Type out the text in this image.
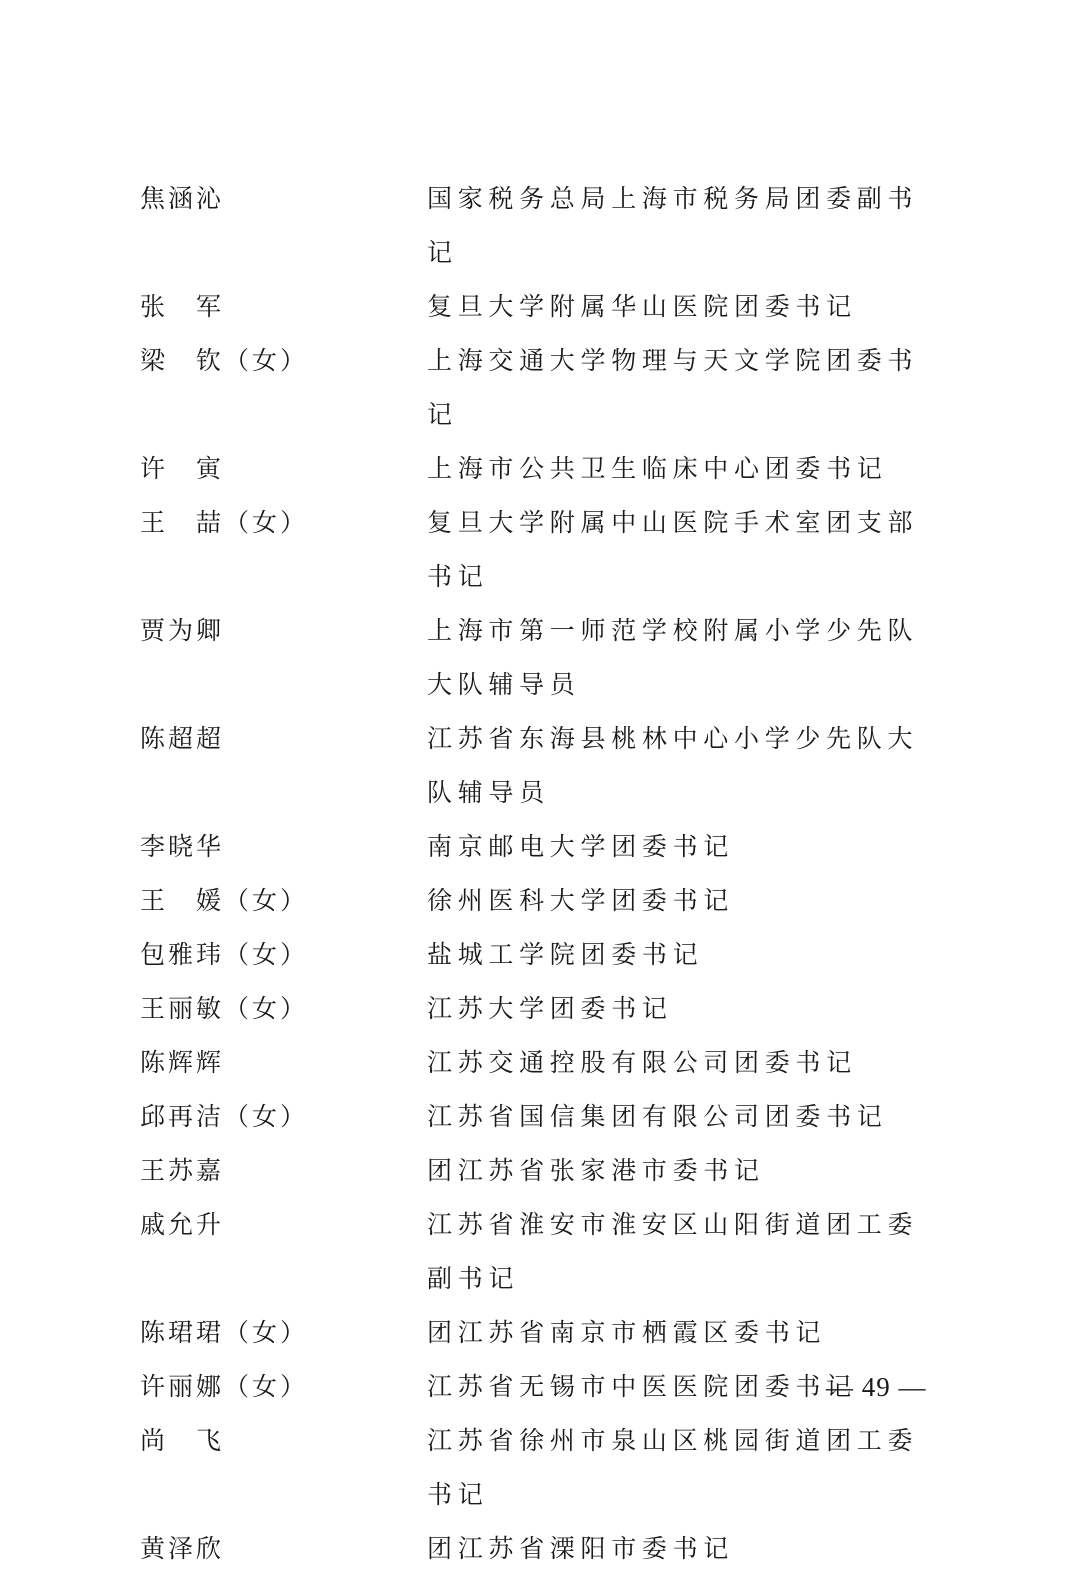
焦涵沁	国家税务总局上海市税务局团委副书记
张　军	复旦大学附属华山医院团委书记
梁　钦（女）	上海交通大学物理与天文学院团委书记
许　寅	上海市公共卫生临床中心团委书记
王　喆（女）	复旦大学附属中山医院手术室团支部书记
贾为卿	上海市第一师范学校附属小学少先队大队辅导员
陈超超	江苏省东海县桃林中心小学少先队大队辅导员
李晓华	南京邮电大学团委书记
王　媛（女）	徐州医科大学团委书记
包雅玮（女）	盐城工学院团委书记
王丽敏（女）	江苏大学团委书记
陈辉辉	江苏交通控股有限公司团委书记
邱再洁（女）	江苏省国信集团有限公司团委书记
王苏嘉	团江苏省张家港市委书记
戚允升	江苏省淮安市淮安区山阳街道团工委副书记
陈珺珺（女）	团江苏省南京市栖霞区委书记
许丽娜（女）	江苏省无锡市中医医院团委书记
尚　飞	江苏省徐州市泉山区桃园街道团工委书记
黄泽欣	团江苏省溧阳市委书记
— 49 —
